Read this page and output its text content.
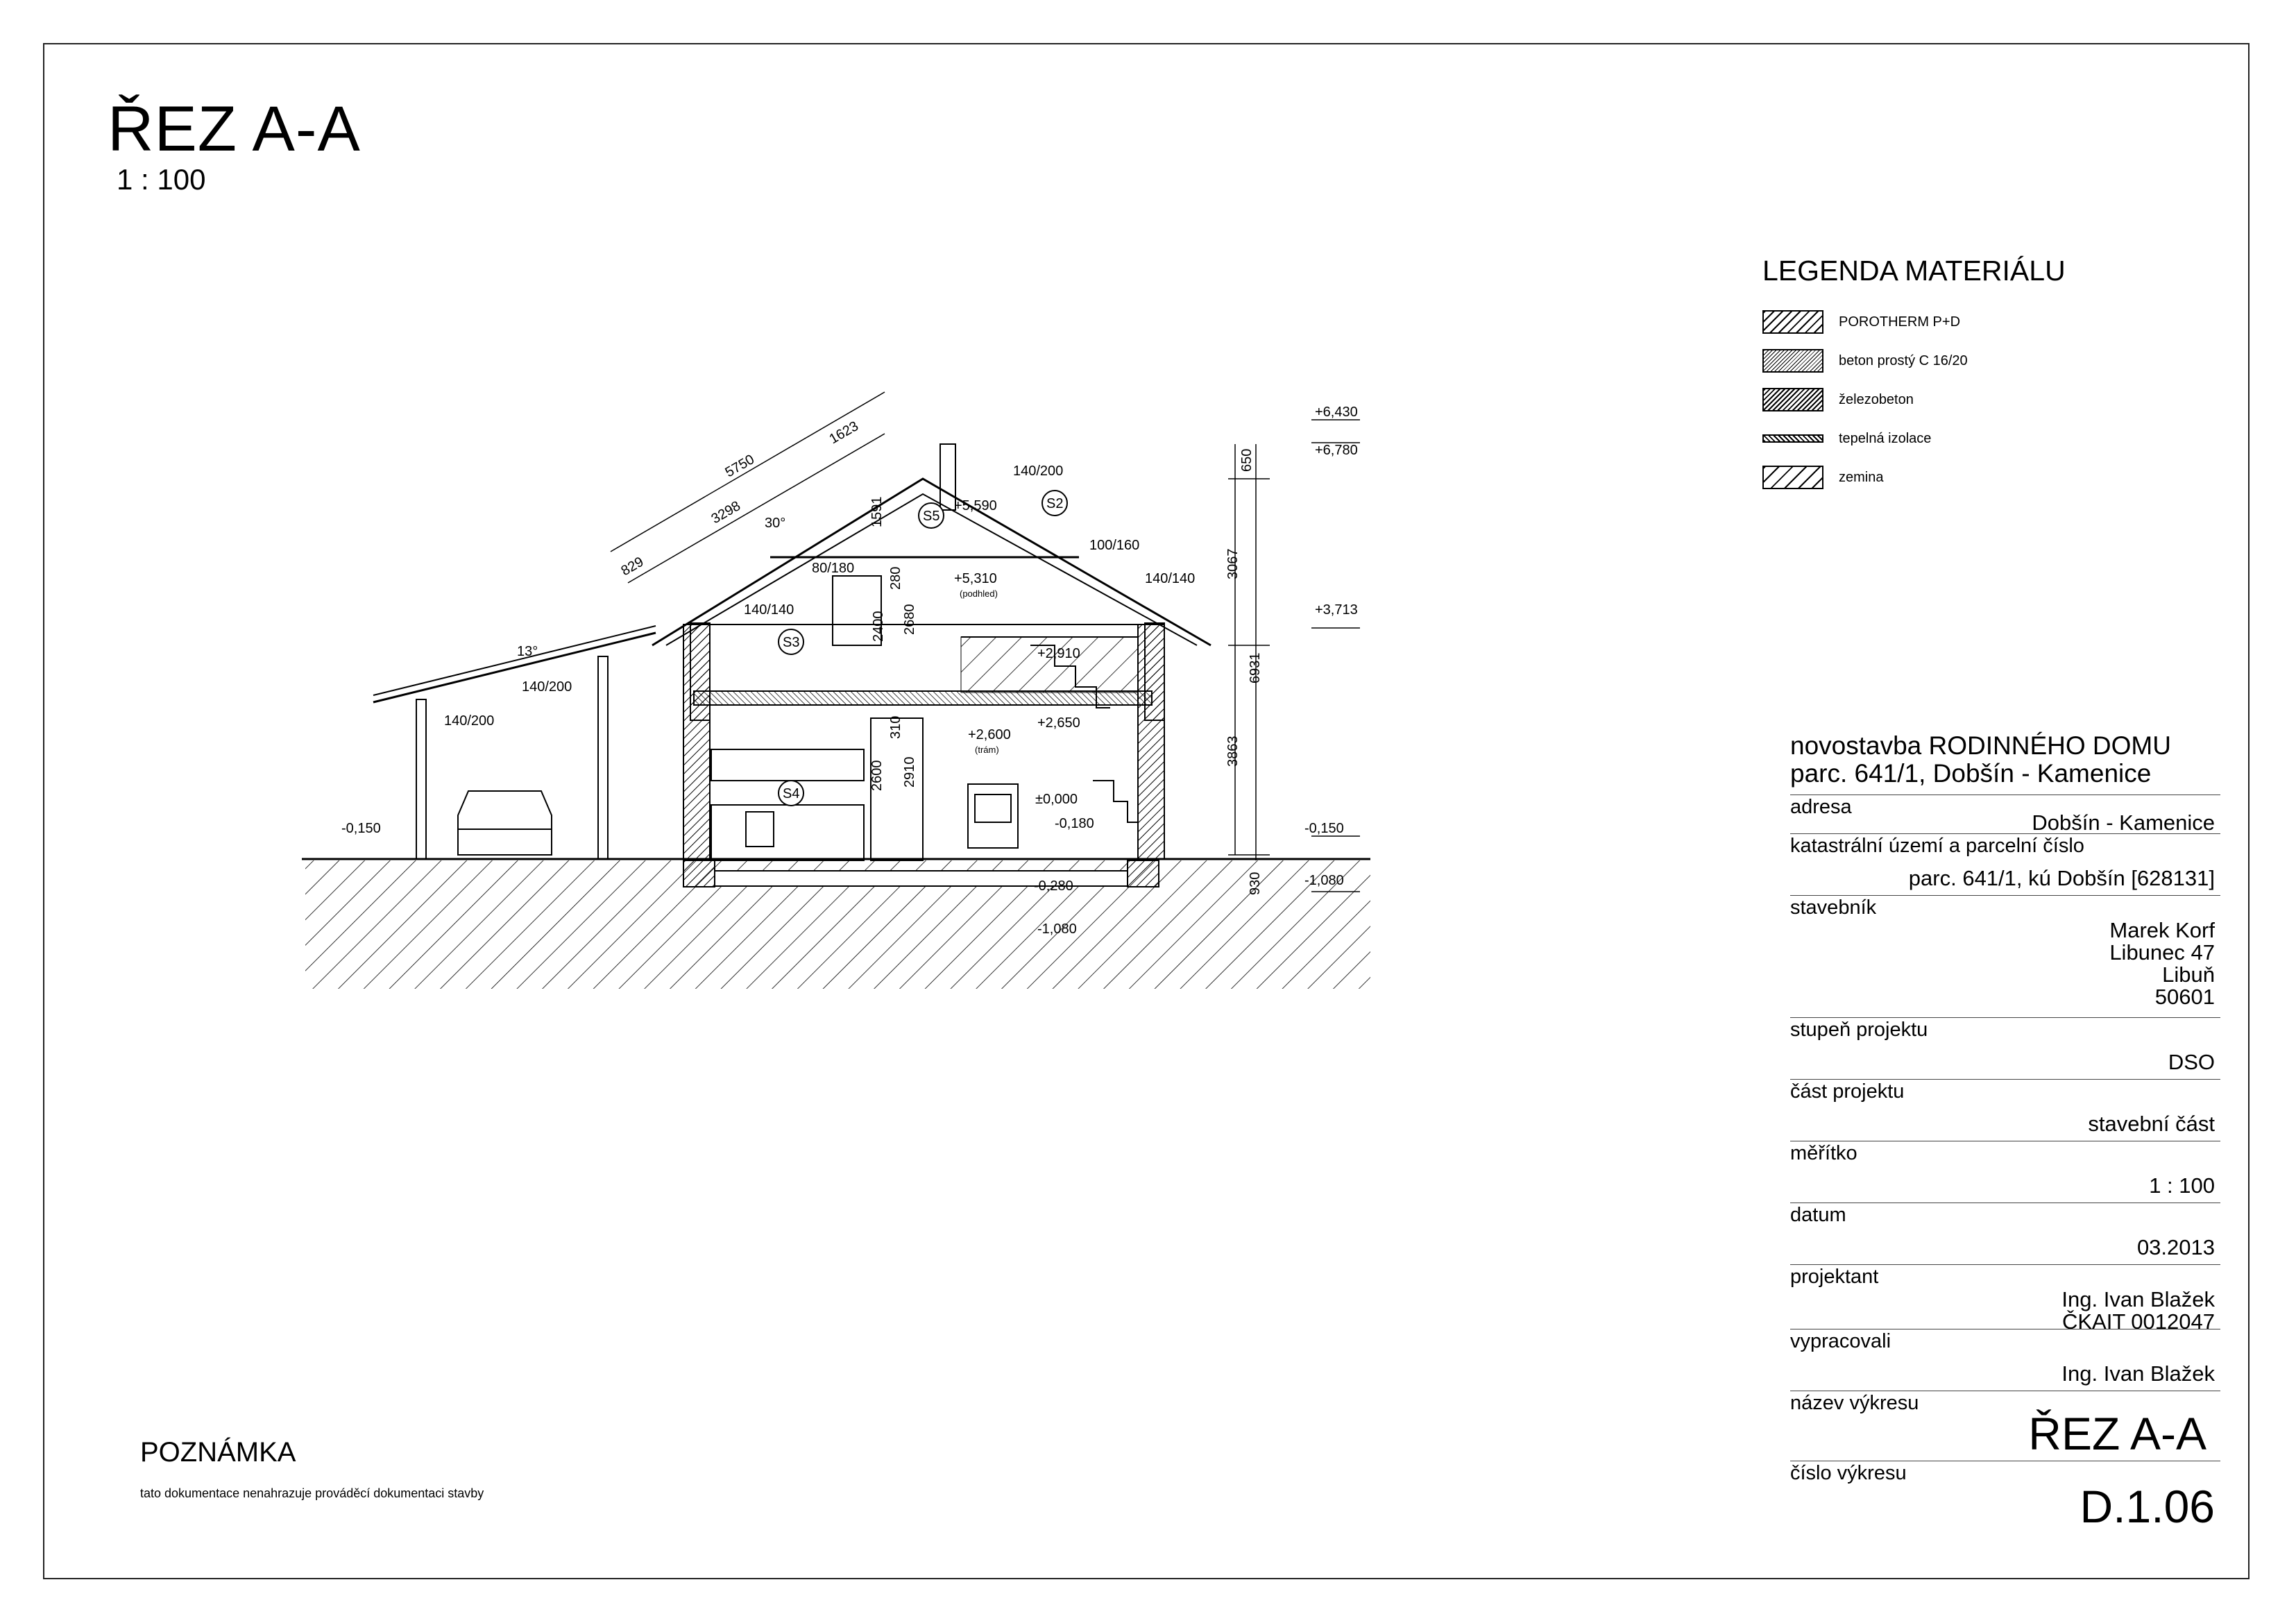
ŘEZ A-A
1 : 100
LEGENDA MATERIÁLU
POROTHERM P+D
beton prostý C 16/20
železobeton
tepelná izolace
zemina
5750
1623
3298
829
30°
13°
140/200
100/160
140/140
140/140
80/180
140/200
140/200
2400 2680
280
1591
310
2600 2910
650
3067
6931
3863
930
+6,430
+6,780
+3,713
+5,590
+5,310
(podhled)
+2,910
+2,600
(trám)
+2,650
±0,000
-0,180
-0,150	-0,150
-0,280
-1,080
-1,080
S2
S3
S4
S5
novostavba RODINNÉHO DOMU
parc. 641/1, Dobšín - Kamenice
adresa
Dobšín - Kamenice
katastrální území a parcelní číslo
parc. 641/1, kú Dobšín [628131]
stavebník
Marek Korf
Libunec 47
Libuň
50601
stupeň projektu
DSO
část projektu
stavební část
měřítko
1 : 100
datum
03.2013
projektant
Ing. Ivan Blažek
ČKAIT 0012047
vypracovali
Ing. Ivan Blažek
název výkresu
ŘEZ A-A
číslo výkresu
D.1.06
POZNÁMKA
tato dokumentace nenahrazuje prováděcí dokumentaci stavby
